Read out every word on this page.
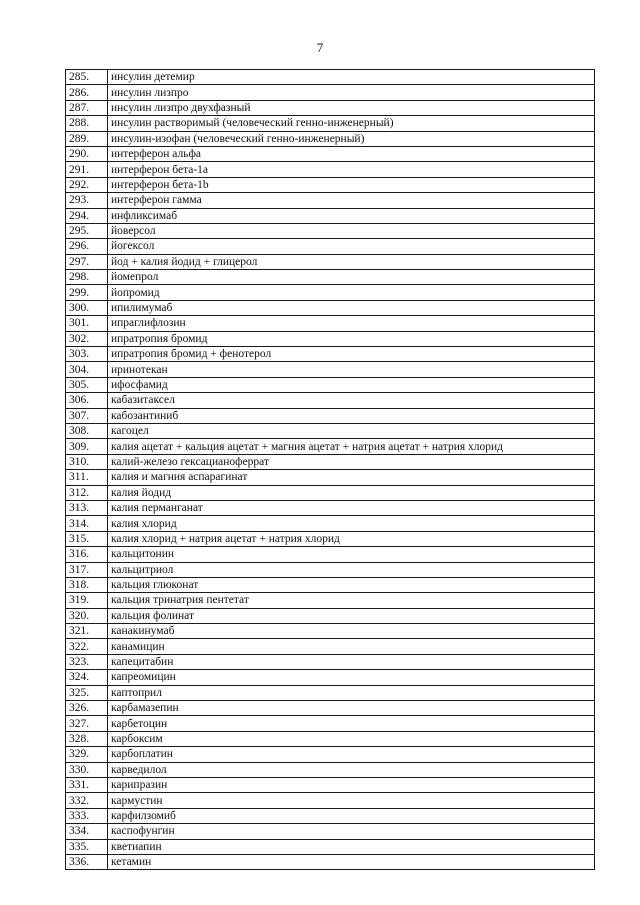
7
285.	инсулин детемир
286.	инсулин лизпро
287.	инсулин лизпро двухфазный
288.	инсулин растворимый (человеческий генно-инженерный)
289.	инсулин-изофан (человеческий генно-инженерный)
290.	интерферон альфа
291.	интерферон бета-1a
292.	интерферон бета-1b
293.	интерферон гамма
294.	инфликсимаб
295.	йоверсол
296.	йогексол
297.	йод + калия йодид + глицерол
298.	йомепрол
299.	йопромид
300.	ипилимумаб
301.	ипраглифлозин
302.	ипратропия бромид
303.	ипратропия бромид + фенотерол
304.	иринотекан
305.	ифосфамид
306.	кабазитаксел
307.	кабозантиниб
308.	кагоцел
309.	калия ацетат + кальция ацетат + магния ацетат + натрия ацетат + натрия хлорид
310.	калий-железо гексацианоферрат
311.	калия и магния аспарагинат
312.	калия йодид
313.	калия перманганат
314.	калия хлорид
315.	калия хлорид + натрия ацетат + натрия хлорид
316.	кальцитонин
317.	кальцитриол
318.	кальция глюконат
319.	кальция тринатрия пентетат
320.	кальция фолинат
321.	канакинумаб
322.	канамицин
323.	капецитабин
324.	капреомицин
325.	каптоприл
326.	карбамазепин
327.	карбетоцин
328.	карбоксим
329.	карбоплатин
330.	карведилол
331.	карипразин
332.	кармустин
333.	карфилзомиб
334.	каспофунгин
335.	кветиапин
336.	кетамин
